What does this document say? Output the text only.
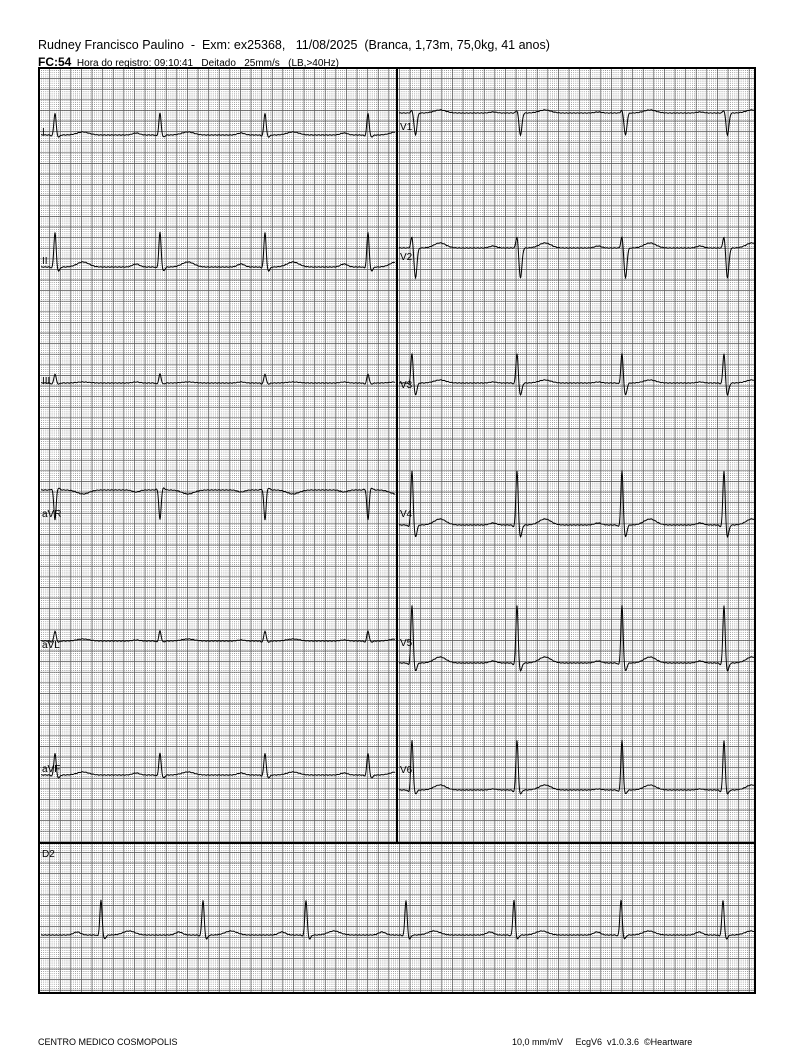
I
II
III
aVR
aVL
aVF
V1
V2
V3
V4
V5
V6
D2
Rudney Francisco Paulino  -  Exm: ex25368,   11/08/2025  (Branca, 1,73m, 75,0kg, 41 anos)
FC:54 Hora do registro: 09:10:41   Deitado   25mm/s   (LB,>40Hz)
CENTRO MEDICO COSMOPOLIS	10,0 mm/mV     EcgV6  v1.0.3.6  ©Heartware
